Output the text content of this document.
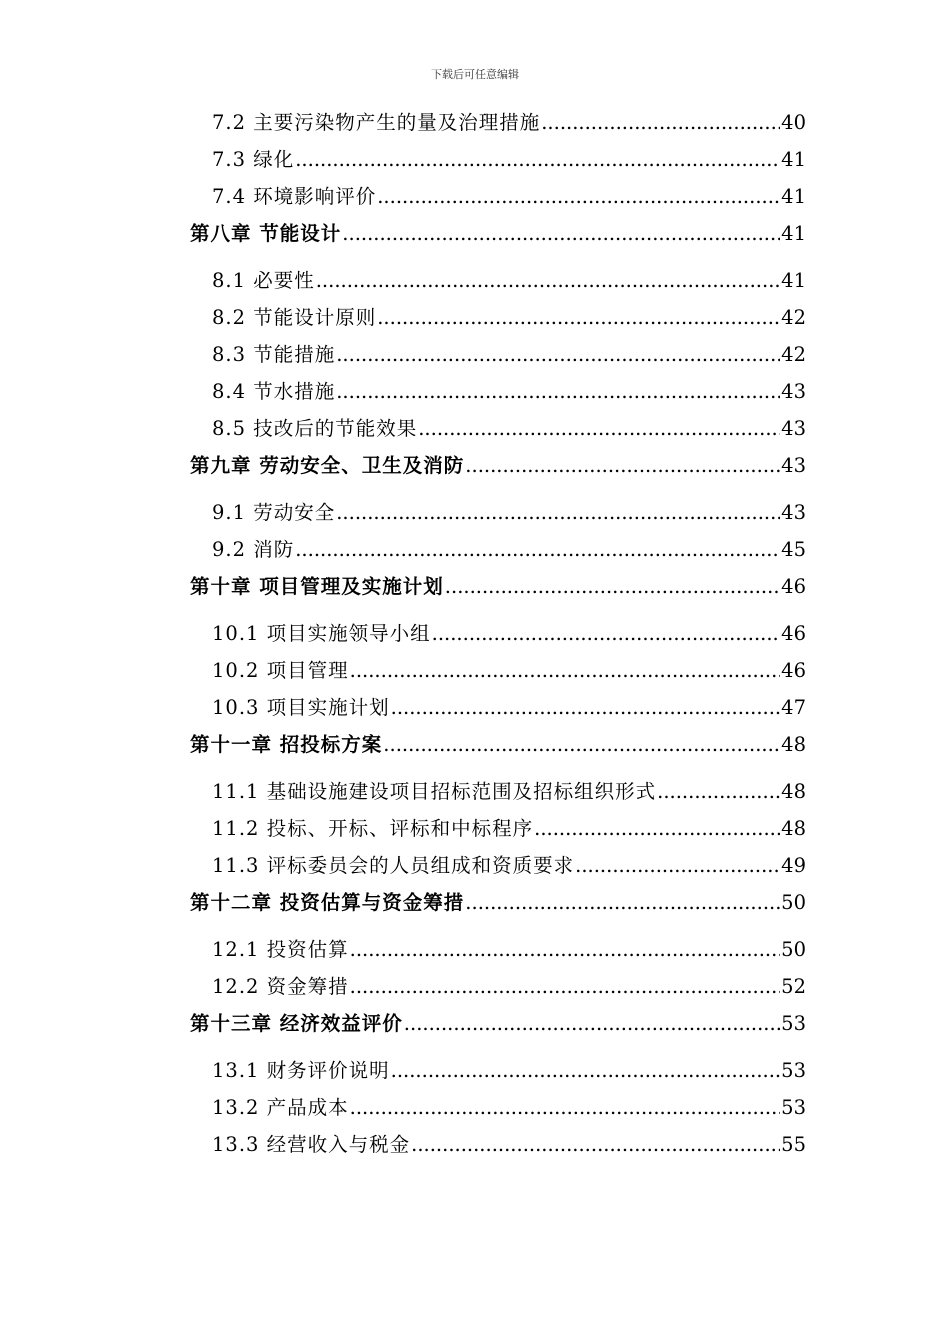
下载后可任意编辑
7.2 主要污染物产生的量及治理措施 .....	40
7.3 绿化 .....	41
7.4 环境影响评价 .....	41
第八章 节能设计 .....	41
8.1 必要性 .....	41
8.2 节能设计原则 .....	42
8.3 节能措施 .....	42
8.4 节水措施 .....	43
8.5 技改后的节能效果 .....	43
第九章 劳动安全、卫生及消防 .....	43
9.1 劳动安全 .....	43
9.2 消防 .....	45
第十章 项目管理及实施计划 .....	46
10.1 项目实施领导小组 .....	46
10.2 项目管理 .....	46
10.3 项目实施计划 .....	47
第十一章 招投标方案 .....	48
11.1 基础设施建设项目招标范围及招标组织形式 .....	48
11.2 投标、开标、评标和中标程序 .....	48
11.3 评标委员会的人员组成和资质要求 .....	49
第十二章 投资估算与资金筹措 .....	50
12.1 投资估算 .....	50
12.2 资金筹措 .....	52
第十三章 经济效益评价 .....	53
13.1 财务评价说明 .....	53
13.2 产品成本 .....	53
13.3 经营收入与税金 .....	55
